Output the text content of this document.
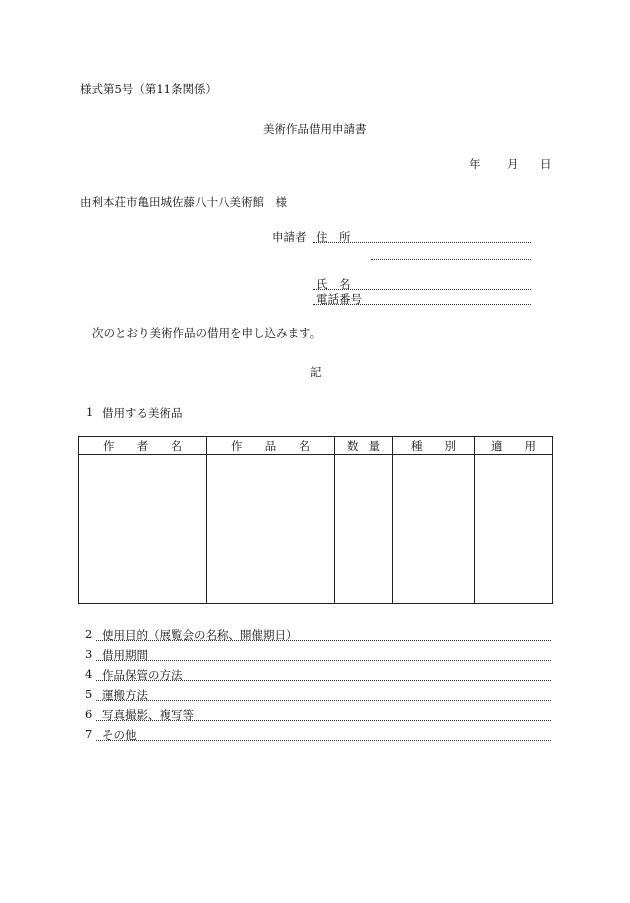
様式第5号（第11条関係）
美術作品借用申請書
年 月 日
由利本荘市亀田城佐藤八十八美術館　様
申請者 住　所
氏　名
電話番号
次のとおり美術作品の借用を申し込みます。
記
1 借用する美術品
作 者 名	作 品 名	数 量	種 別	適 用

2 使用目的（展覧会の名称、開催期日）
3 借用期間
4 作品保管の方法
5 運搬方法
6 写真撮影、複写等
7 その他
